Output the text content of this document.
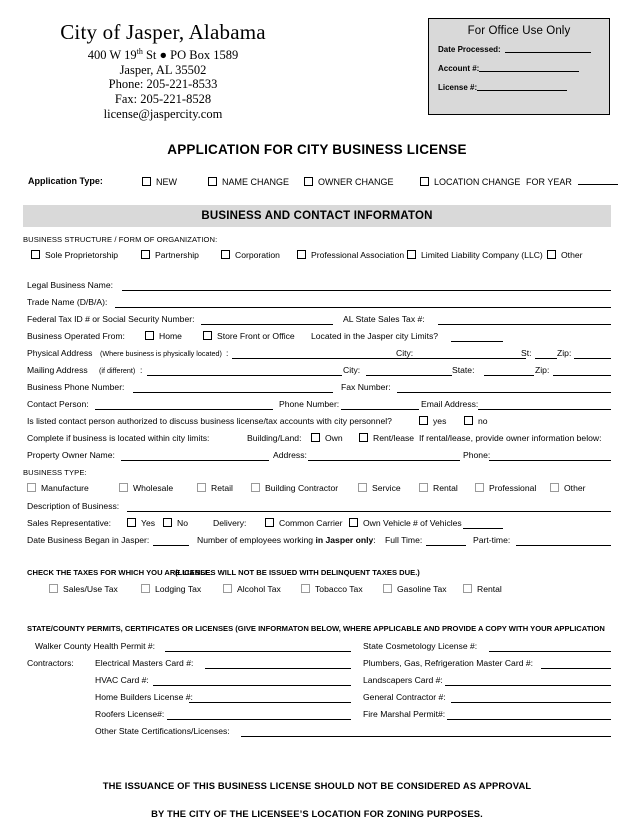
City of Jasper, Alabama
400 W 19th St ● PO Box 1589
Jasper, AL 35502
Phone: 205-221-8533
Fax: 205-221-8528
license@jaspercity.com
For Office Use Only
Date Processed:
Account #:
License #:
APPLICATION FOR CITY BUSINESS LICENSE
Application Type:	NEW	NAME CHANGE	OWNER CHANGE	LOCATION CHANGE FOR YEAR
BUSINESS AND CONTACT INFORMATON
BUSINESS STRUCTURE / FORM OF ORGANIZATION:
Sole Proprietorship	Partnership	Corporation	Professional Association	Limited Liability Company (LLC)	Other
Legal Business Name:
Trade Name (D/B/A):
Federal Tax ID # or Social Security Number:	AL State Sales Tax #:
Business Operated From:	Home	Store Front or Office Located in the Jasper city Limits?
Physical Address (Where business is physically located) :	City:	St:	Zip:
Mailing Address (if different) :	City:	State:	Zip:
Business Phone Number:	Fax Number:
Contact Person:	Phone Number:	Email Address:
Is listed contact person authorized to discuss business license/tax accounts with city personnel?	yes	no
Complete if business is located within city limits:	Building/Land:	Own	Rent/lease If rental/lease, provide owner information below:
Property Owner Name:	Address:	Phone:
BUSINESS TYPE:
Manufacture	Wholesale	Retail	Building Contractor	Service	Rental	Professional	Other
Description of Business:
Sales Representative:	Yes	No	Delivery:	Common Carrier	Own Vehicle # of Vehicles
Date Business Began in Jasper:	Number of employees working in Jasper only: Full Time:	Part-time:
CHECK THE TAXES FOR WHICH YOU ARE LIABLE:
(LICENSES WILL NOT BE ISSUED WITH DELINQUENT TAXES DUE.)
Sales/Use Tax	Lodging Tax	Alcohol Tax	Tobacco Tax	Gasoline Tax	Rental
STATE/COUNTY PERMITS, CERTIFICATES OR LICENSES (GIVE INFORMATON BELOW, WHERE APPLICABLE AND PROVIDE A COPY WITH YOUR APPLICATION
Walker County Health Permit #:	State Cosmetology License #:
Contractors: Electrical Masters Card #:	Plumbers, Gas, Refrigeration Master Card #:
HVAC Card #:	Landscapers Card #:
Home Builders License #:	General Contractor #:
Roofers License#:	Fire Marshal Permit#:
Other State Certifications/Licenses:
THE ISSUANCE OF THIS BUSINESS LICENSE SHOULD NOT BE CONSIDERED AS APPROVAL
BY THE CITY OF THE LICENSEE’S LOCATION FOR ZONING PURPOSES.
